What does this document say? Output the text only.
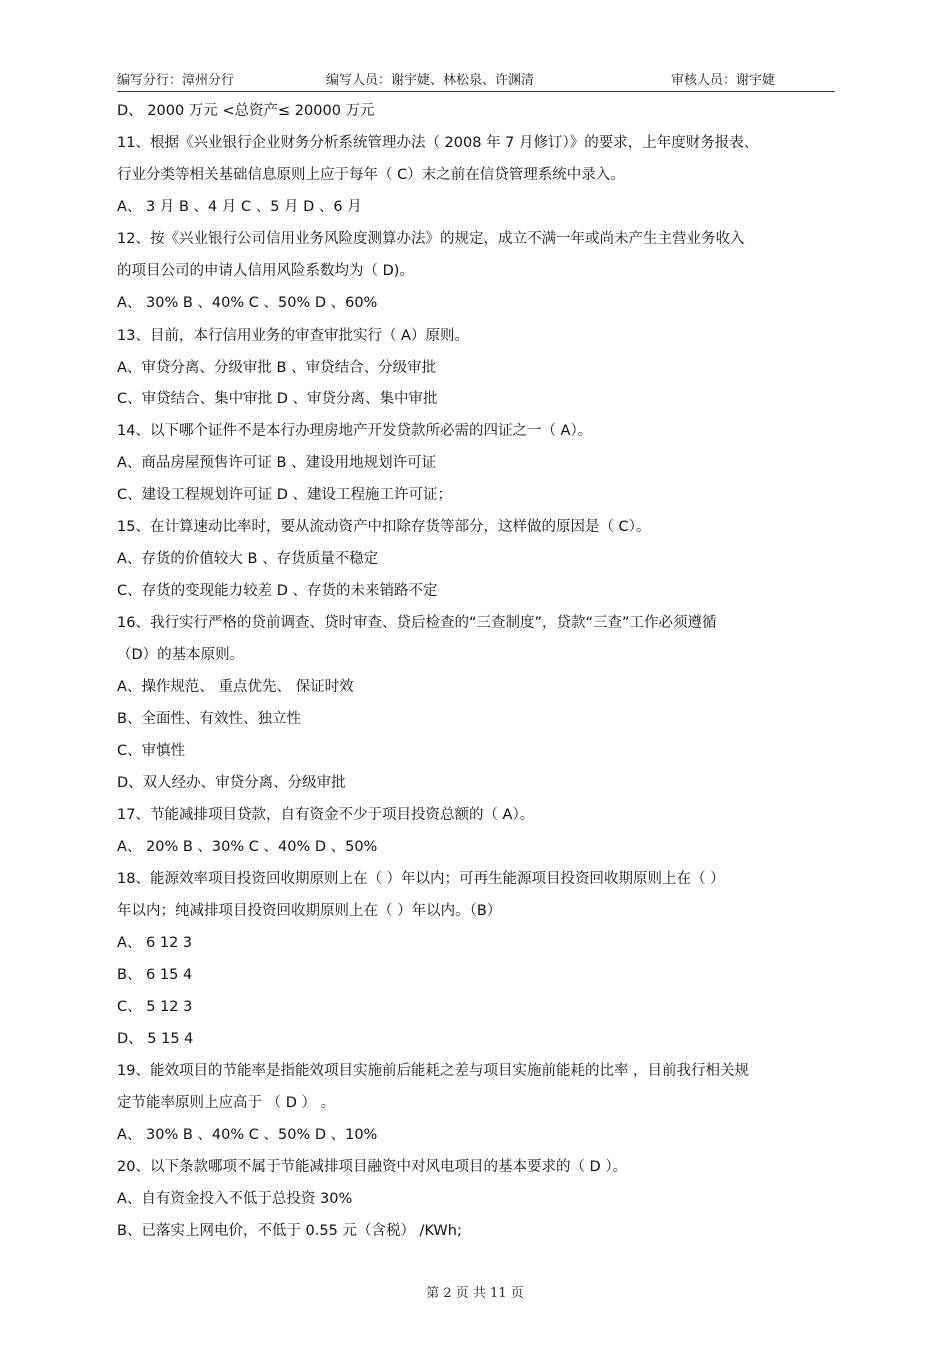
编写分行：漳州分行	编写人员：谢宇婕、林松泉、许渊清	审核人员：谢宇婕
D、 2000 万元 <总资产≤ 20000 万元
11、根据《兴业银行企业财务分析系统管理办法（ 2008 年 7 月修订）》的要求，上年度财务报表、
行业分类等相关基础信息原则上应于每年（ C）末之前在信贷管理系统中录入。
A、 3 月 B 、4 月 C 、5 月 D 、6 月
12、按《兴业银行公司信用业务风险度测算办法》的规定，成立不满一年或尚未产生主营业务收入
的项目公司的申请人信用风险系数均为（ D)。
A、 30% B 、40% C 、50% D 、60%
13、目前，本行信用业务的审查审批实行（ A）原则。
A、审贷分离、分级审批 B 、审贷结合、分级审批
C、审贷结合、集中审批 D 、审贷分离、集中审批
14、以下哪个证件不是本行办理房地产开发贷款所必需的四证之一（ A）。
A、商品房屋预售许可证 B 、建设用地规划许可证
C、建设工程规划许可证 D 、建设工程施工许可证；
15、在计算速动比率时，要从流动资产中扣除存货等部分，这样做的原因是（ C）。
A、存货的价值较大 B 、存货质量不稳定
C、存货的变现能力较差 D 、存货的未来销路不定
16、我行实行严格的贷前调查、贷时审查、贷后检查的“三查制度”，贷款“三查”工作必须遵循
（D）的基本原则。
A、操作规范、 重点优先、 保证时效
B、全面性、有效性、独立性
C、审慎性
D、双人经办、审贷分离、分级审批
17、节能减排项目贷款，自有资金不少于项目投资总额的（ A）。
A、 20% B 、30% C 、40% D 、50%
18、能源效率项目投资回收期原则上在（ ）年以内；可再生能源项目投资回收期原则上在（ ）
年以内；纯减排项目投资回收期原则上在（ ）年以内。（B）
A、 6 12 3
B、 6 15 4
C、 5 12 3
D、 5 15 4
19、能效项目的节能率是指能效项目实施前后能耗之差与项目实施前能耗的比率 ，目前我行相关规
定节能率原则上应高于 （ D ） 。
A、 30% B 、40% C 、50% D 、10%
20、以下条款哪项不属于节能减排项目融资中对风电项目的基本要求的（ D ）。
A、自有资金投入不低于总投资 30%
B、已落实上网电价，不低于 0.55 元（含税） /KWh;
第 2 页 共 11 页
